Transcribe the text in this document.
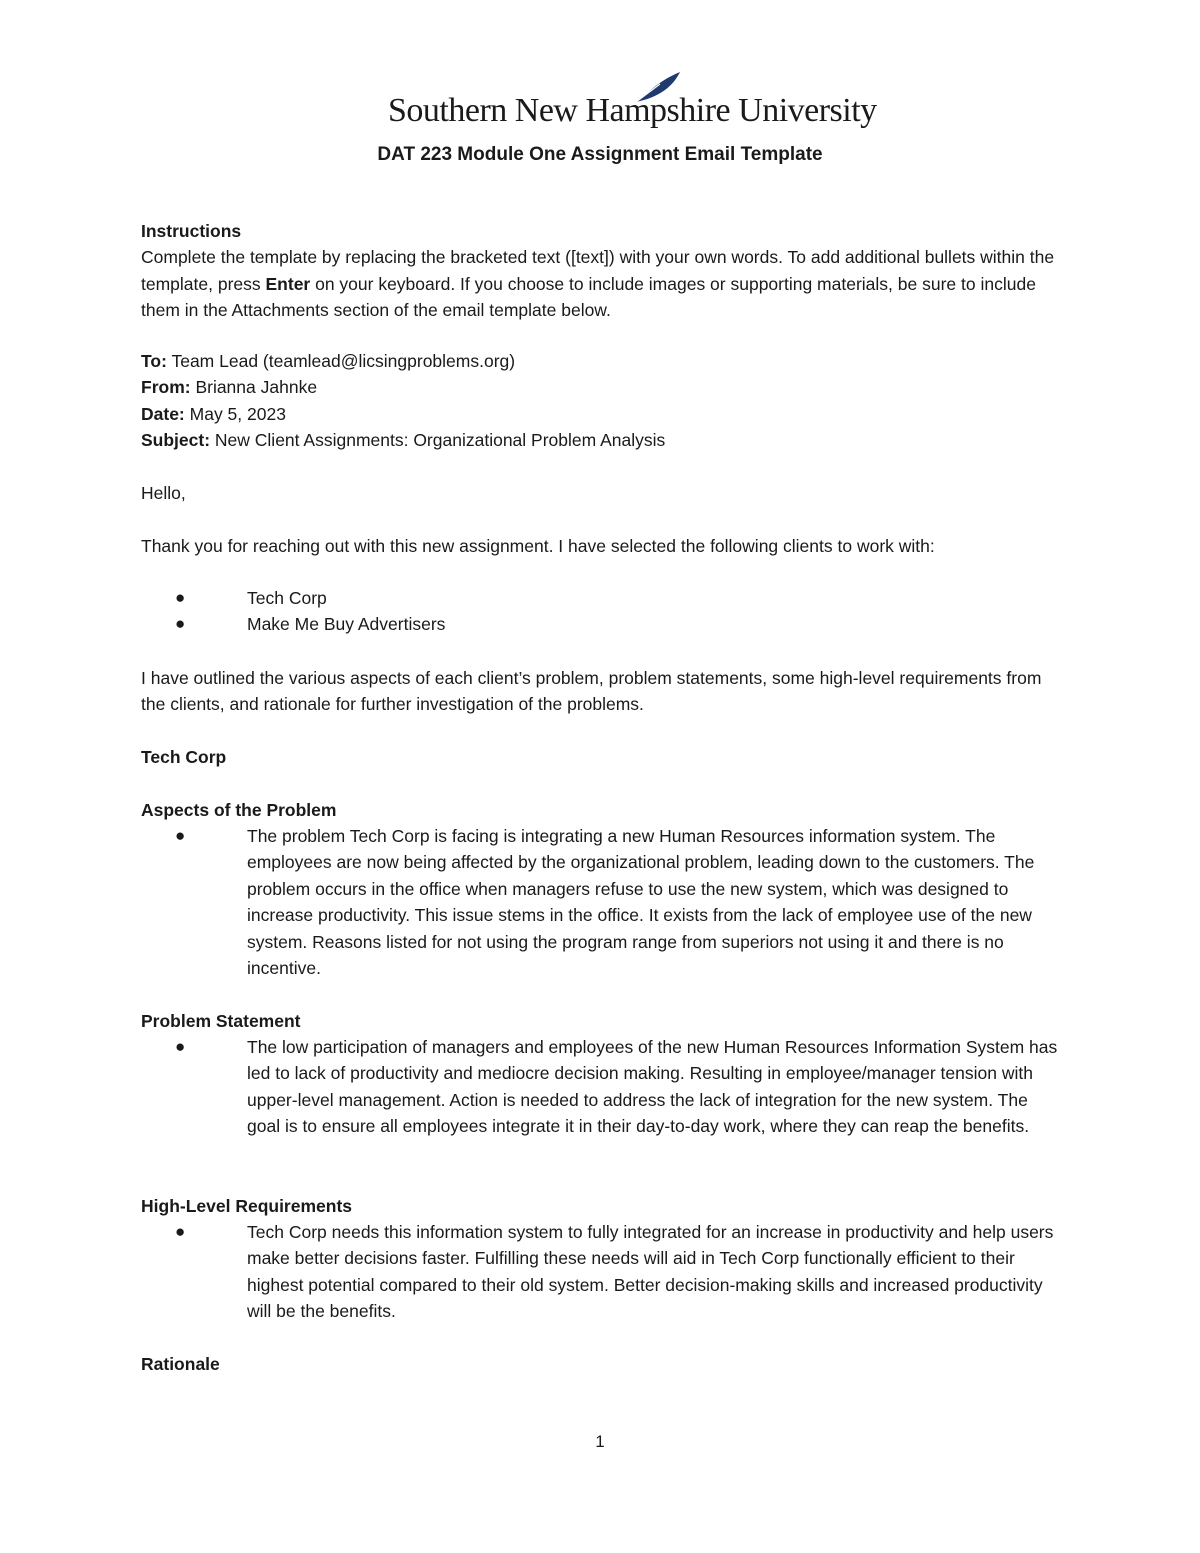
Southern New Hampshire University
DAT 223 Module One Assignment Email Template

Instructions

Complete the template by replacing the bracketed text ([text]) with your own words. To add additional bullets within the template, press Enter on your keyboard. If you choose to include images or supporting materials, be sure to include them in the Attachments section of the email template below.

To: Team Lead (teamlead@licsingproblems.org)

From: Brianna Jahnke

Date: May 5, 2023

Subject: New Client Assignments: Organizational Problem Analysis

Hello,
Thank you for reaching out with this new assignment. I have selected the following clients to work with:
●	Tech Corp
●	Make Me Buy Advertisers
I have outlined the various aspects of each client’s problem, problem statements, some high-level requirements from the clients, and rationale for further investigation of the problems.
Tech Corp
Aspects of the Problem
●	The problem Tech Corp is facing is integrating a new Human Resources information system. The employees are now being affected by the organizational problem, leading down to the customers. The problem occurs in the office when managers refuse to use the new system, which was designed to increase productivity. This issue stems in the office. It exists from the lack of employee use of the new system. Reasons listed for not using the program range from superiors not using it and there is no incentive.
Problem Statement
●	The low participation of managers and employees of the new Human Resources Information System has led to lack of productivity and mediocre decision making. Resulting in employee/manager tension with upper-level management. Action is needed to address the lack of integration for the new system. The goal is to ensure all employees integrate it in their day-to-day work, where they can reap the benefits.
High-Level Requirements
●	Tech Corp needs this information system to fully integrated for an increase in productivity and help users make better decisions faster. Fulfilling these needs will aid in Tech Corp functionally efficient to their highest potential compared to their old system. Better decision-making skills and increased productivity will be the benefits.
Rationale
1
